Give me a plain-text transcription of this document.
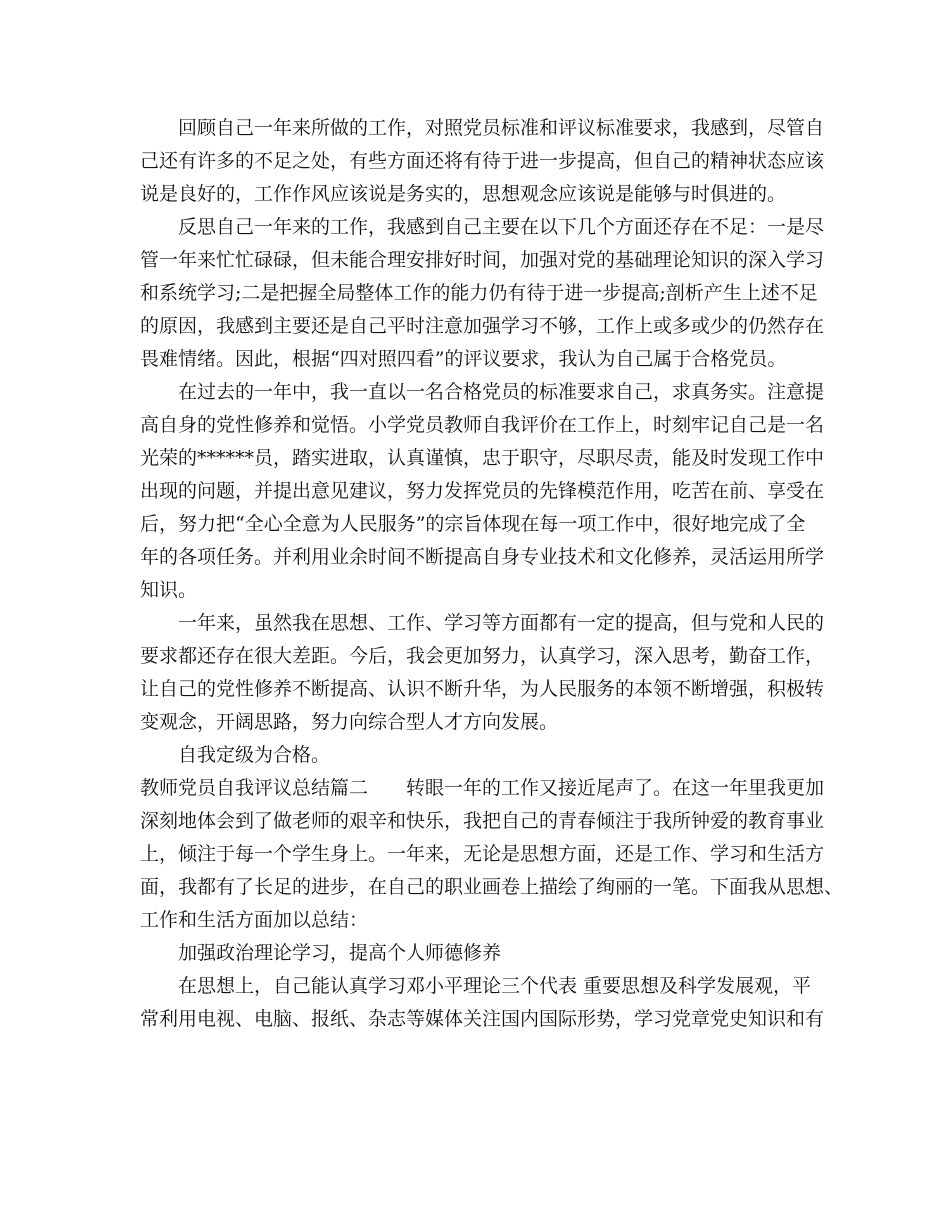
回顾自己一年来所做的工作，对照党员标准和评议标准要求，我感到，尽管自
己还有许多的不足之处，有些方面还将有待于进一步提高，但自己的精神状态应该
说是良好的，工作作风应该说是务实的，思想观念应该说是能够与时俱进的。
反思自己一年来的工作，我感到自己主要在以下几个方面还存在不足：一是尽
管一年来忙忙碌碌，但未能合理安排好时间，加强对党的基础理论知识的深入学习
和系统学习;二是把握全局整体工作的能力仍有待于进一步提高;剖析产生上述不足
的原因，我感到主要还是自己平时注意加强学习不够，工作上或多或少的仍然存在
畏难情绪。因此，根据“四对照四看”的评议要求，我认为自己属于合格党员。
在过去的一年中，我一直以一名合格党员的标准要求自己，求真务实。注意提
高自身的党性修养和觉悟。小学党员教师自我评价在工作上，时刻牢记自己是一名
光荣的******员，踏实进取，认真谨慎，忠于职守，尽职尽责，能及时发现工作中
出现的问题，并提出意见建议，努力发挥党员的先锋模范作用，吃苦在前、享受在
后，努力把“全心全意为人民服务”的宗旨体现在每一项工作中，很好地完成了全
年的各项任务。并利用业余时间不断提高自身专业技术和文化修养，灵活运用所学
知识。
一年来，虽然我在思想、工作、学习等方面都有一定的提高，但与党和人民的
要求都还存在很大差距。今后，我会更加努力，认真学习，深入思考，勤奋工作，
让自己的党性修养不断提高、认识不断升华，为人民服务的本领不断增强，积极转
变观念，开阔思路，努力向综合型人才方向发展。
自我定级为合格。
教师党员自我评议总结篇二　　转眼一年的工作又接近尾声了。在这一年里我更加
深刻地体会到了做老师的艰辛和快乐，我把自己的青春倾注于我所钟爱的教育事业
上，倾注于每一个学生身上。一年来，无论是思想方面，还是工作、学习和生活方
面，我都有了长足的进步，在自己的职业画卷上描绘了绚丽的一笔。下面我从思想、
工作和生活方面加以总结：
加强政治理论学习，提高个人师德修养
在思想上，自己能认真学习邓小平理论三个代表 重要思想及科学发展观，平
常利用电视、电脑、报纸、杂志等媒体关注国内国际形势，学习党章党史知识和有
